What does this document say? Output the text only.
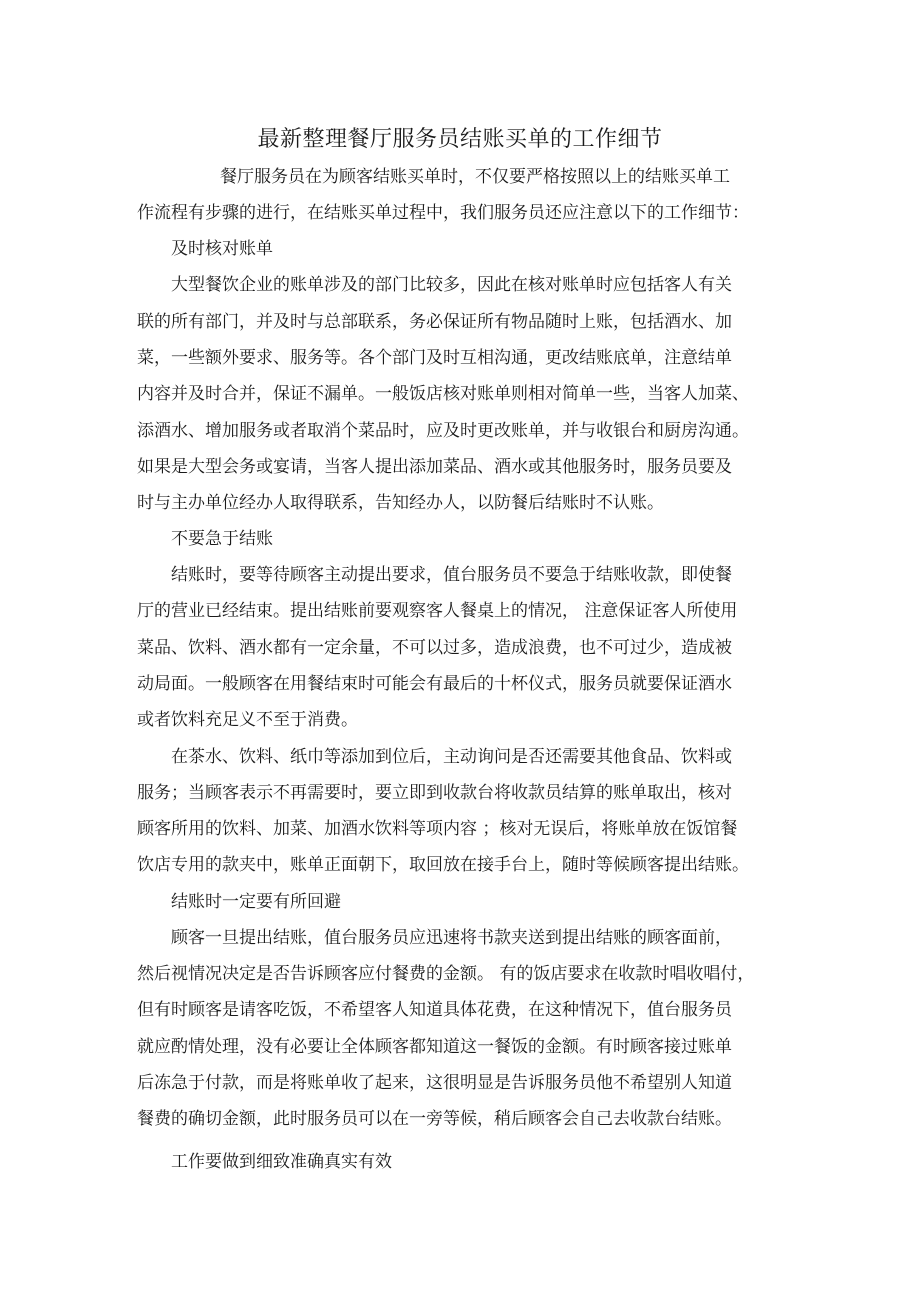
最新整理餐厅服务员结账买单的工作细节
餐厅服务员在为顾客结账买单时，不仅要严格按照以上的结账买单工
作流程有步骤的进行，在结账买单过程中，我们服务员还应注意以下的工作细节：
及时核对账单
大型餐饮企业的账单涉及的部门比较多，因此在核对账单时应包括客人有关
联的所有部门，并及时与总部联系，务必保证所有物品随时上账，包括酒水、加
菜，一些额外要求、服务等。各个部门及时互相沟通，更改结账底单，注意结单
内容并及时合并，保证不漏单。一般饭店核对账单则相对简单一些，当客人加菜、
添酒水、增加服务或者取消个菜品时，应及时更改账单，并与收银台和厨房沟通。
如果是大型会务或宴请，当客人提出添加菜品、酒水或其他服务时，服务员要及
时与主办单位经办人取得联系，告知经办人，以防餐后结账时不认账。
不要急于结账
结账时，要等待顾客主动提出要求，值台服务员不要急于结账收款，即使餐
厅的营业已经结束。提出结账前要观察客人餐桌上的情况， 注意保证客人所使用
菜品、饮料、酒水都有一定余量，不可以过多，造成浪费，也不可过少，造成被
动局面。一般顾客在用餐结束时可能会有最后的十杯仪式，服务员就要保证酒水
或者饮料充足义不至于消费。
在茶水、饮料、纸巾等添加到位后，主动询问是否还需要其他食品、饮料或
服务；当顾客表示不再需要时，要立即到收款台将收款员结算的账单取出，核对
顾客所用的饮料、加菜、加酒水饮料等项内容 ；核对无误后，将账单放在饭馆餐
饮店专用的款夹中，账单正面朝下，取回放在接手台上，随时等候顾客提出结账。
结账时一定要有所回避
顾客一旦提出结账，值台服务员应迅速将书款夹送到提出结账的顾客面前，
然后视情况决定是否告诉顾客应付餐费的金额。 有的饭店要求在收款时唱收唱付，
但有时顾客是请客吃饭，不希望客人知道具体花费，在这种情况下，值台服务员
就应酌情处理，没有必要让全体顾客都知道这一餐饭的金额。有时顾客接过账单
后冻急于付款，而是将账单收了起来，这很明显是告诉服务员他不希望别人知道
餐费的确切金额，此时服务员可以在一旁等候，稍后顾客会自己去收款台结账。
工作要做到细致准确真实有效
